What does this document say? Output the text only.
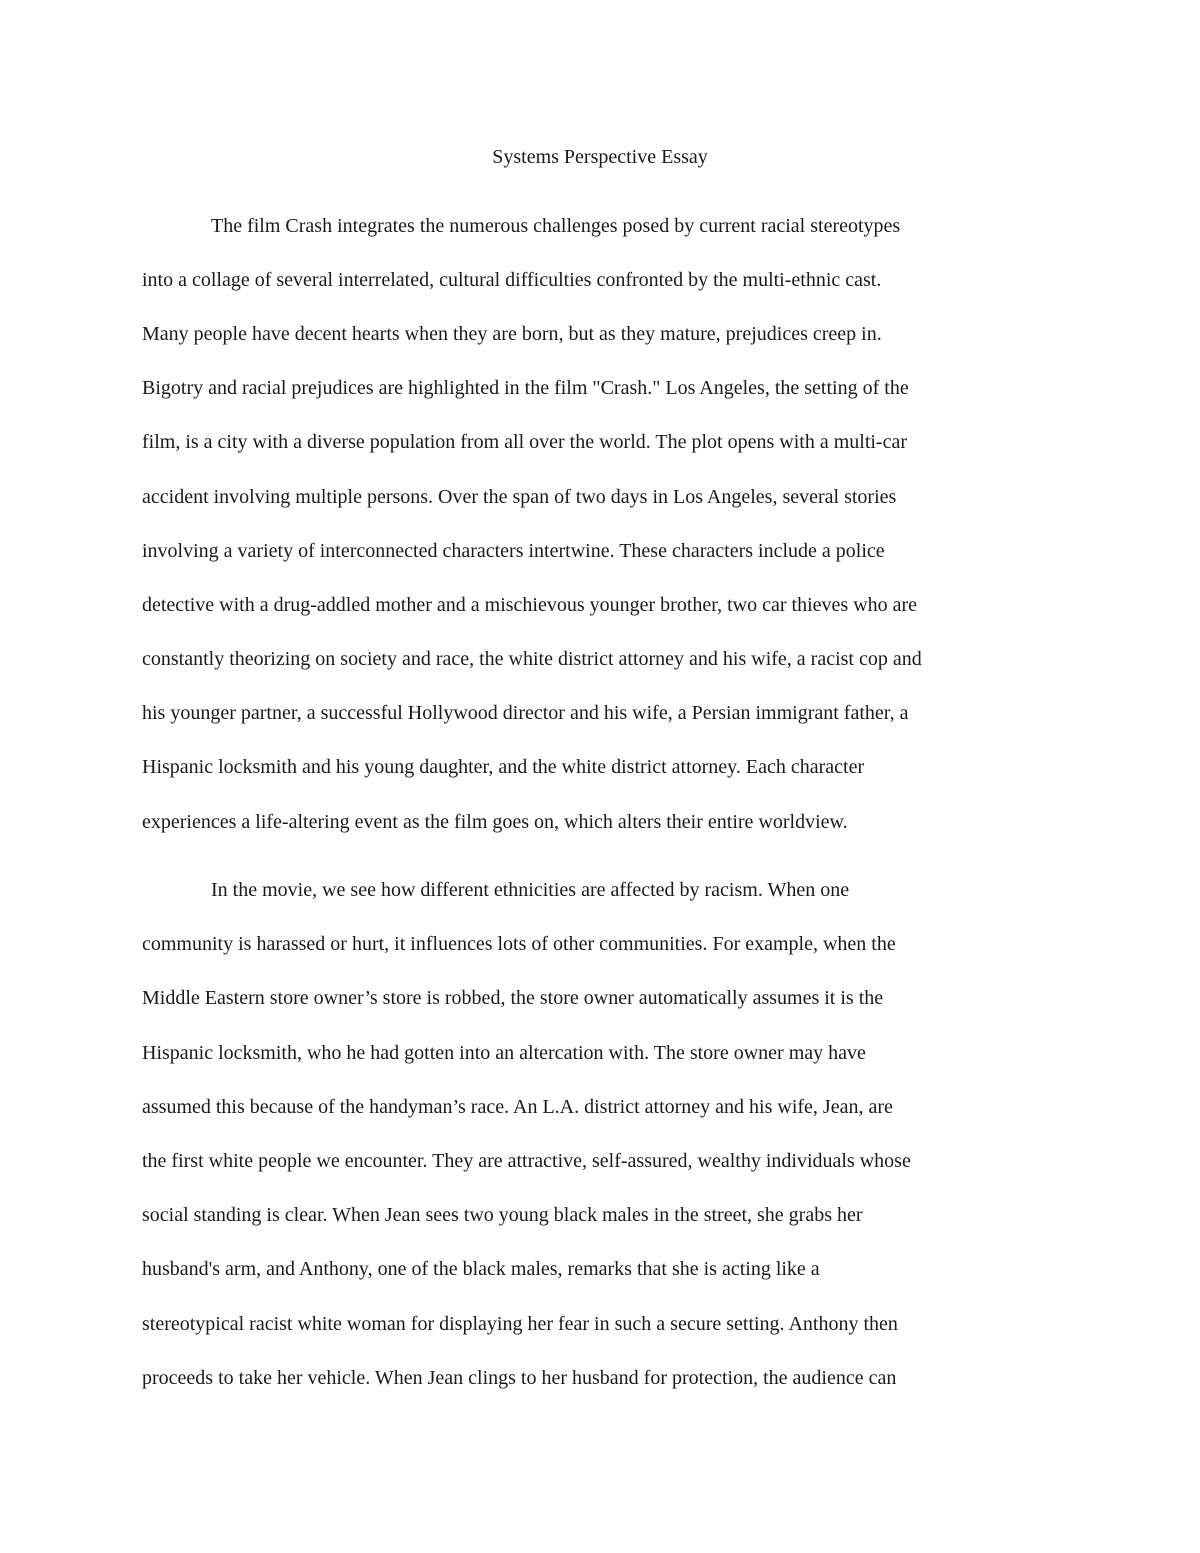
Systems Perspective Essay
The film Crash integrates the numerous challenges posed by current racial stereotypes
into a collage of several interrelated, cultural difficulties confronted by the multi-ethnic cast.
Many people have decent hearts when they are born, but as they mature, prejudices creep in.
Bigotry and racial prejudices are highlighted in the film "Crash." Los Angeles, the setting of the
film, is a city with a diverse population from all over the world. The plot opens with a multi-car
accident involving multiple persons. Over the span of two days in Los Angeles, several stories
involving a variety of interconnected characters intertwine. These characters include a police
detective with a drug-addled mother and a mischievous younger brother, two car thieves who are
constantly theorizing on society and race, the white district attorney and his wife, a racist cop and
his younger partner, a successful Hollywood director and his wife, a Persian immigrant father, a
Hispanic locksmith and his young daughter, and the white district attorney. Each character
experiences a life-altering event as the film goes on, which alters their entire worldview.
In the movie, we see how different ethnicities are affected by racism. When one
community is harassed or hurt, it influences lots of other communities. For example, when the
Middle Eastern store owner’s store is robbed, the store owner automatically assumes it is the
Hispanic locksmith, who he had gotten into an altercation with. The store owner may have
assumed this because of the handyman’s race. An L.A. district attorney and his wife, Jean, are
the first white people we encounter. They are attractive, self-assured, wealthy individuals whose
social standing is clear. When Jean sees two young black males in the street, she grabs her
husband's arm, and Anthony, one of the black males, remarks that she is acting like a
stereotypical racist white woman for displaying her fear in such a secure setting. Anthony then
proceeds to take her vehicle. When Jean clings to her husband for protection, the audience can
